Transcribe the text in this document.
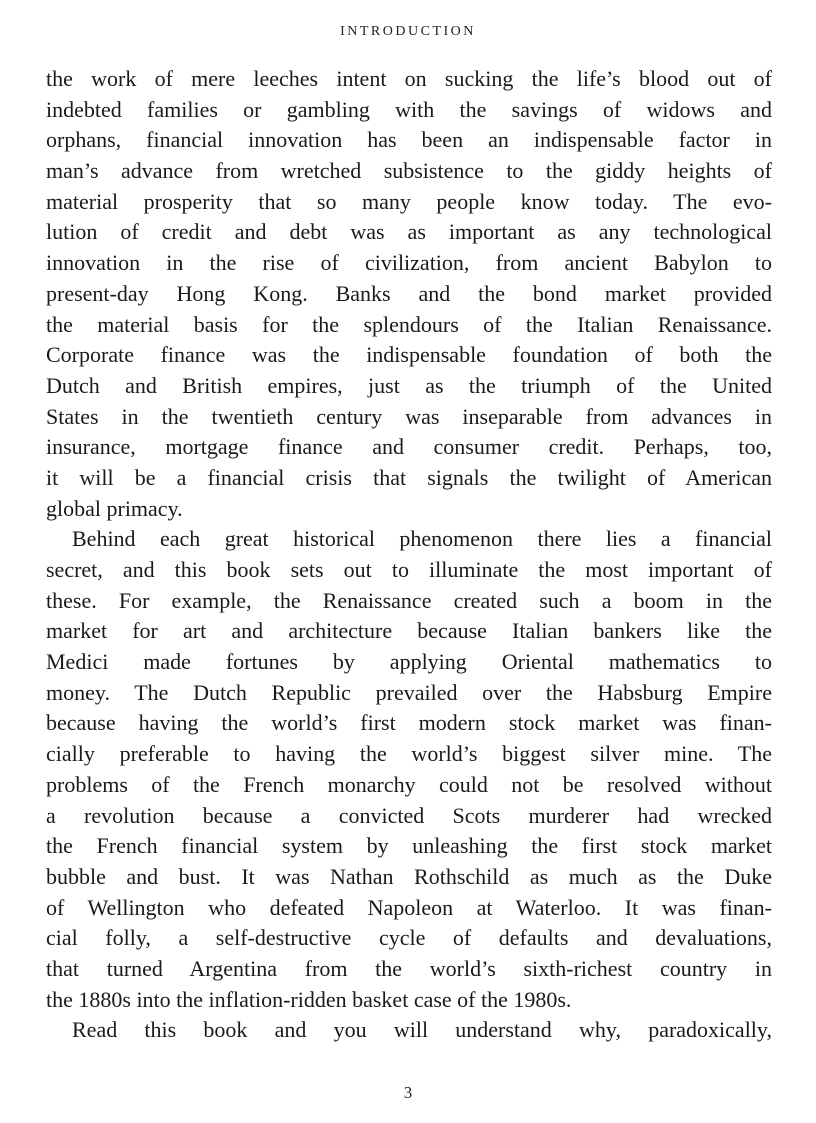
INTRODUCTION
the work of mere leeches intent on sucking the life’s blood out of
indebted families or gambling with the savings of widows and
orphans, financial innovation has been an indispensable factor in
man’s advance from wretched subsistence to the giddy heights of
material prosperity that so many people know today. The evo-
lution of credit and debt was as important as any technological
innovation in the rise of civilization, from ancient Babylon to
present-day Hong Kong. Banks and the bond market provided
the material basis for the splendours of the Italian Renaissance.
Corporate finance was the indispensable foundation of both the
Dutch and British empires, just as the triumph of the United
States in the twentieth century was inseparable from advances in
insurance, mortgage finance and consumer credit. Perhaps, too,
it will be a financial crisis that signals the twilight of American
global primacy.
Behind each great historical phenomenon there lies a financial
secret, and this book sets out to illuminate the most important of
these. For example, the Renaissance created such a boom in the
market for art and architecture because Italian bankers like the
Medici made fortunes by applying Oriental mathematics to
money. The Dutch Republic prevailed over the Habsburg Empire
because having the world’s first modern stock market was finan-
cially preferable to having the world’s biggest silver mine. The
problems of the French monarchy could not be resolved without
a revolution because a convicted Scots murderer had wrecked
the French financial system by unleashing the first stock market
bubble and bust. It was Nathan Rothschild as much as the Duke
of Wellington who defeated Napoleon at Waterloo. It was finan-
cial folly, a self-destructive cycle of defaults and devaluations,
that turned Argentina from the world’s sixth-richest country in
the 1880s into the inflation-ridden basket case of the 1980s.
Read this book and you will understand why, paradoxically,
3
